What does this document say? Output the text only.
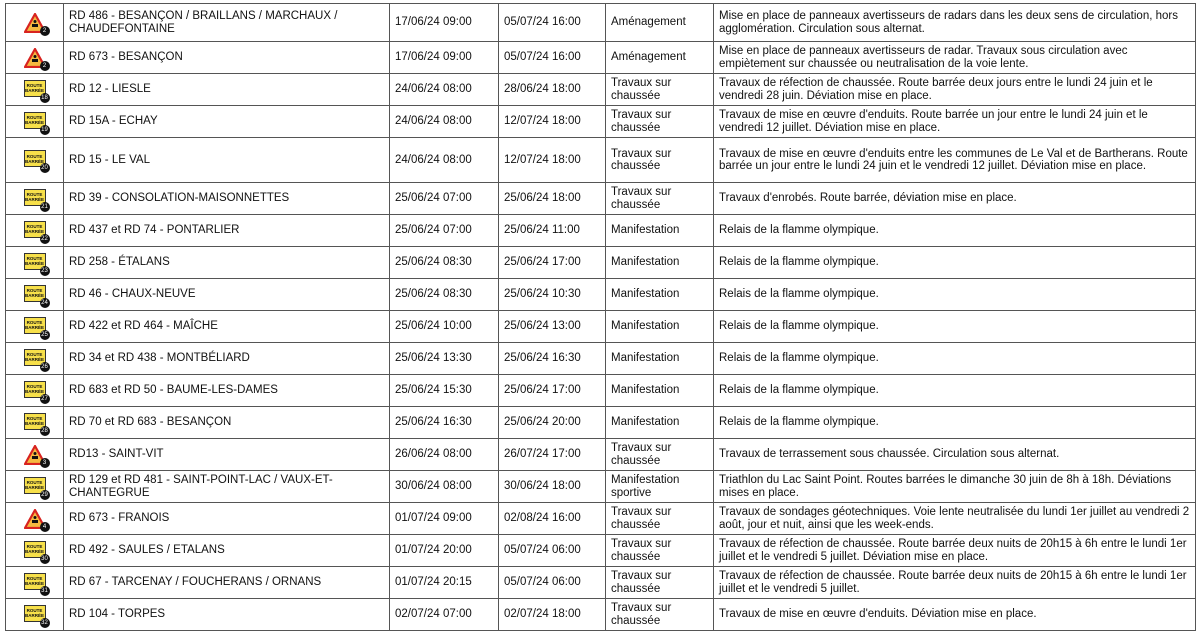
2	RD 486 - BESANÇON / BRAILLANS / MARCHAUX / CHAUDEFONTAINE	17/06/24 09:00	05/07/24 16:00	Aménagement	Mise en place de panneaux avertisseurs de radars dans les deux sens de circulation, hors agglomération. Circulation sous alternat.

2	RD 673 - BESANÇON	17/06/24 09:00	05/07/24 16:00	Aménagement	Mise en place de panneaux avertisseurs de radar. Travaux sous circulation avec empiètement sur chaussée ou neutralisation de la voie lente.

ROUTE
BARRÉE
18	RD 12 - LIESLE	24/06/24 08:00	28/06/24 18:00	Travaux sur chaussée	Travaux de réfection de chaussée. Route barrée deux jours entre le lundi 24 juin et le vendredi 28 juin. Déviation mise en place.

ROUTE
BARRÉE
19	RD 15A - ECHAY	24/06/24 08:00	12/07/24 18:00	Travaux sur chaussée	Travaux de mise en œuvre d'enduits. Route barrée un jour entre le lundi 24 juin et le vendredi 12 juillet. Déviation mise en place.

ROUTE
BARRÉE
20	RD 15 - LE VAL	24/06/24 08:00	12/07/24 18:00	Travaux sur chaussée	Travaux de mise en œuvre d'enduits entre les communes de Le Val et de Bartherans. Route barrée un jour entre le lundi 24 juin et le vendredi 12 juillet. Déviation mise en place.

ROUTE
BARRÉE
21	RD 39 - CONSOLATION-MAISONNETTES	25/06/24 07:00	25/06/24 18:00	Travaux sur chaussée	Travaux d'enrobés. Route barrée, déviation mise en place.

ROUTE
BARRÉE
22	RD 437 et RD 74 - PONTARLIER	25/06/24 07:00	25/06/24 11:00	Manifestation	Relais de la flamme olympique.

ROUTE
BARRÉE
23	RD 258 - ÉTALANS	25/06/24 08:30	25/06/24 17:00	Manifestation	Relais de la flamme olympique.

ROUTE
BARRÉE
24	RD 46 - CHAUX-NEUVE	25/06/24 08:30	25/06/24 10:30	Manifestation	Relais de la flamme olympique.

ROUTE
BARRÉE
25	RD 422 et RD 464 - MAÎCHE	25/06/24 10:00	25/06/24 13:00	Manifestation	Relais de la flamme olympique.

ROUTE
BARRÉE
26	RD 34 et RD 438 - MONTBÉLIARD	25/06/24 13:30	25/06/24 16:30	Manifestation	Relais de la flamme olympique.

ROUTE
BARRÉE
27	RD 683 et RD 50 - BAUME-LES-DAMES	25/06/24 15:30	25/06/24 17:00	Manifestation	Relais de la flamme olympique.

ROUTE
BARRÉE
28	RD 70 et RD 683 - BESANÇON	25/06/24 16:30	25/06/24 20:00	Manifestation	Relais de la flamme olympique.

3	RD13 - SAINT-VIT	26/06/24 08:00	26/07/24 17:00	Travaux sur chaussée	Travaux de terrassement sous chaussée. Circulation sous alternat.

ROUTE
BARRÉE
29	RD 129 et RD 481 - SAINT-POINT-LAC / VAUX-ET-CHANTEGRUE	30/06/24 08:00	30/06/24 18:00	Manifestation sportive	Triathlon du Lac Saint Point. Routes barrées le dimanche 30 juin de 8h à 18h. Déviations mises en place.

4	RD 673 - FRANOIS	01/07/24 09:00	02/08/24 16:00	Travaux sur chaussée	Travaux de sondages géotechniques. Voie lente neutralisée du lundi 1er juillet au vendredi 2 août, jour et nuit, ainsi que les week-ends.

ROUTE
BARRÉE
30	RD 492 - SAULES / ETALANS	01/07/24 20:00	05/07/24 06:00	Travaux sur chaussée	Travaux de réfection de chaussée. Route barrée deux nuits de 20h15 à 6h entre le lundi 1er juillet et le vendredi 5 juillet. Déviation mise en place.

ROUTE
BARRÉE
31	RD 67 - TARCENAY / FOUCHERANS / ORNANS	01/07/24 20:15	05/07/24 06:00	Travaux sur chaussée	Travaux de réfection de chaussée. Route barrée deux nuits de 20h15 à 6h entre le lundi 1er juillet et le vendredi 5 juillet.

ROUTE
BARRÉE
32	RD 104 - TORPES	02/07/24 07:00	02/07/24 18:00	Travaux sur chaussée	Travaux de mise en œuvre d'enduits. Déviation mise en place.
